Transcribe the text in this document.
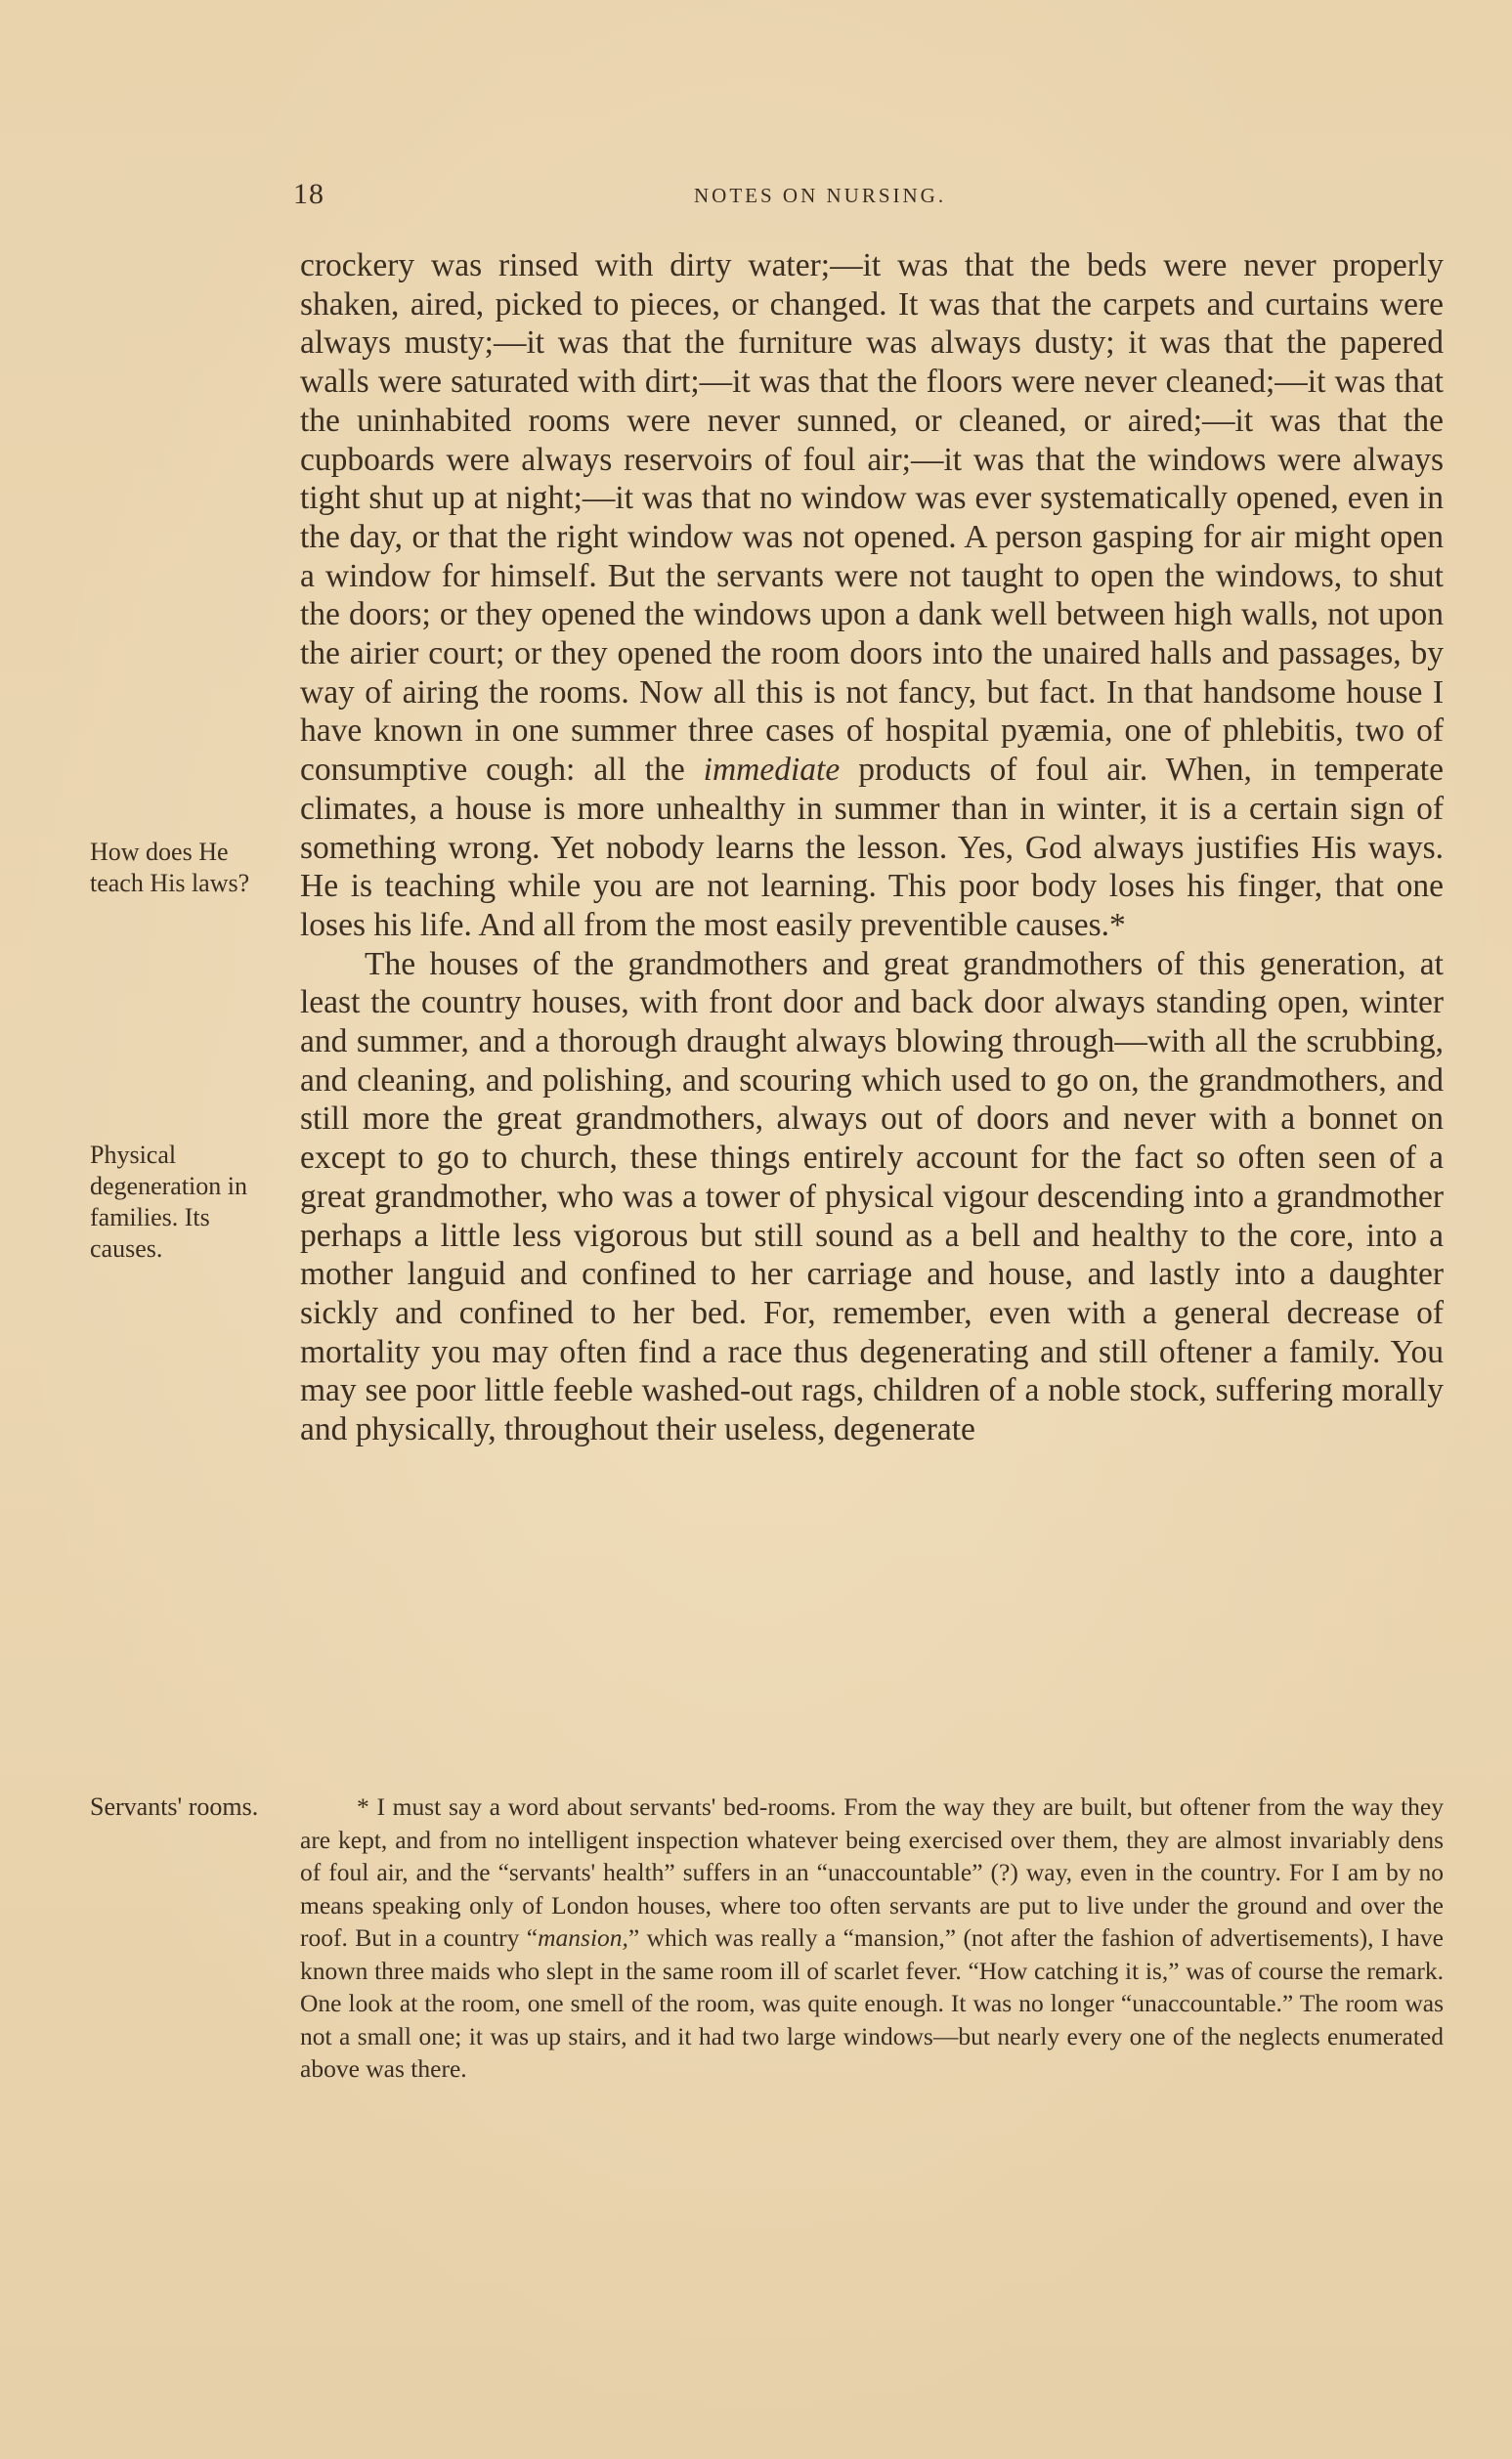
18	NOTES ON NURSING.
How does He teach His laws?
Physical degeneration in families. Its causes.
Servants' rooms.

crockery was rinsed with dirty water;—it was that the beds were never properly shaken, aired, picked to pieces, or changed. It was that the carpets and curtains were always musty;—it was that the furniture was always dusty; it was that the papered walls were saturated with dirt;—it was that the floors were never cleaned;—it was that the uninhabited rooms were never sunned, or cleaned, or aired;—it was that the cupboards were always reservoirs of foul air;—it was that the windows were always tight shut up at night;—it was that no window was ever systematically opened, even in the day, or that the right window was not opened. A person gasping for air might open a window for himself. But the servants were not taught to open the windows, to shut the doors; or they opened the windows upon a dank well between high walls, not upon the airier court; or they opened the room doors into the unaired halls and passages, by way of airing the rooms. Now all this is not fancy, but fact. In that handsome house I have known in one summer three cases of hospital pyæmia, one of phlebitis, two of consumptive cough: all the immediate products of foul air. When, in temperate climates, a house is more unhealthy in summer than in winter, it is a certain sign of something wrong. Yet nobody learns the lesson. Yes, God always justifies His ways. He is teaching while you are not learning. This poor body loses his finger, that one loses his life. And all from the most easily preventible causes.*

The houses of the grandmothers and great grandmothers of this generation, at least the country houses, with front door and back door always standing open, winter and summer, and a thorough draught always blowing through—with all the scrubbing, and cleaning, and polishing, and scouring which used to go on, the grandmothers, and still more the great grandmothers, always out of doors and never with a bonnet on except to go to church, these things entirely account for the fact so often seen of a great grandmother, who was a tower of physical vigour descending into a grandmother perhaps a little less vigorous but still sound as a bell and healthy to the core, into a mother languid and confined to her carriage and house, and lastly into a daughter sickly and confined to her bed. For, remember, even with a general decrease of mortality you may often find a race thus degenerating and still oftener a family. You may see poor little feeble washed-out rags, children of a noble stock, suffering morally and physically, throughout their useless, degenerate

* I must say a word about servants' bed-rooms. From the way they are built, but oftener from the way they are kept, and from no intelligent inspection whatever being exercised over them, they are almost invariably dens of foul air, and the “servants' health” suffers in an “unaccountable” (?) way, even in the country. For I am by no means speaking only of London houses, where too often servants are put to live under the ground and over the roof. But in a country “mansion,” which was really a “mansion,” (not after the fashion of advertisements), I have known three maids who slept in the same room ill of scarlet fever. “How catching it is,” was of course the remark. One look at the room, one smell of the room, was quite enough. It was no longer “unaccountable.” The room was not a small one; it was up stairs, and it had two large windows—but nearly every one of the neglects enumerated above was there.
